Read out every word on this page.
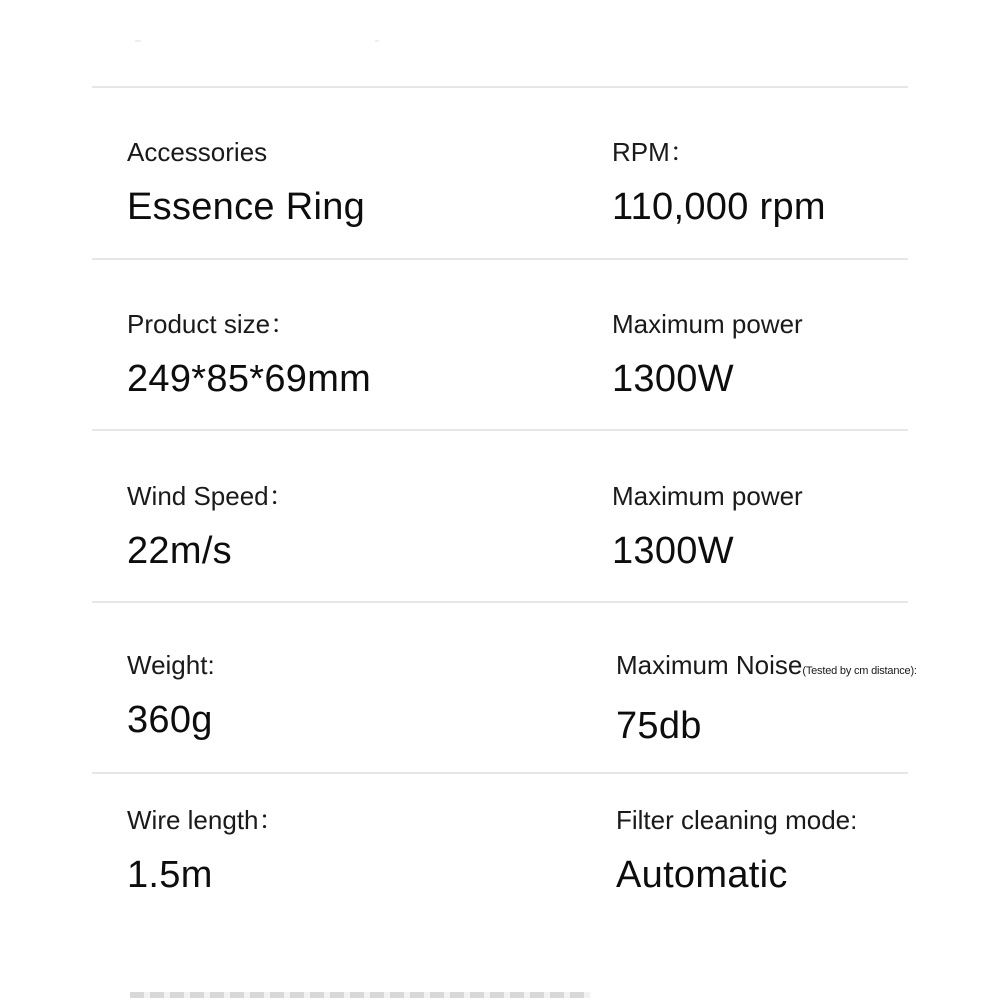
Accessories
Essence Ring
RPM：
110,000 rpm
Product size：
249*85*69mm
Maximum power
1300W
Wind Speed：
22m/s
Maximum power
1300W
Weight:
360g
Maximum Noise(Tested by cm distance):
75db
Wire length：
1.5m
Filter cleaning mode:
Automatic
